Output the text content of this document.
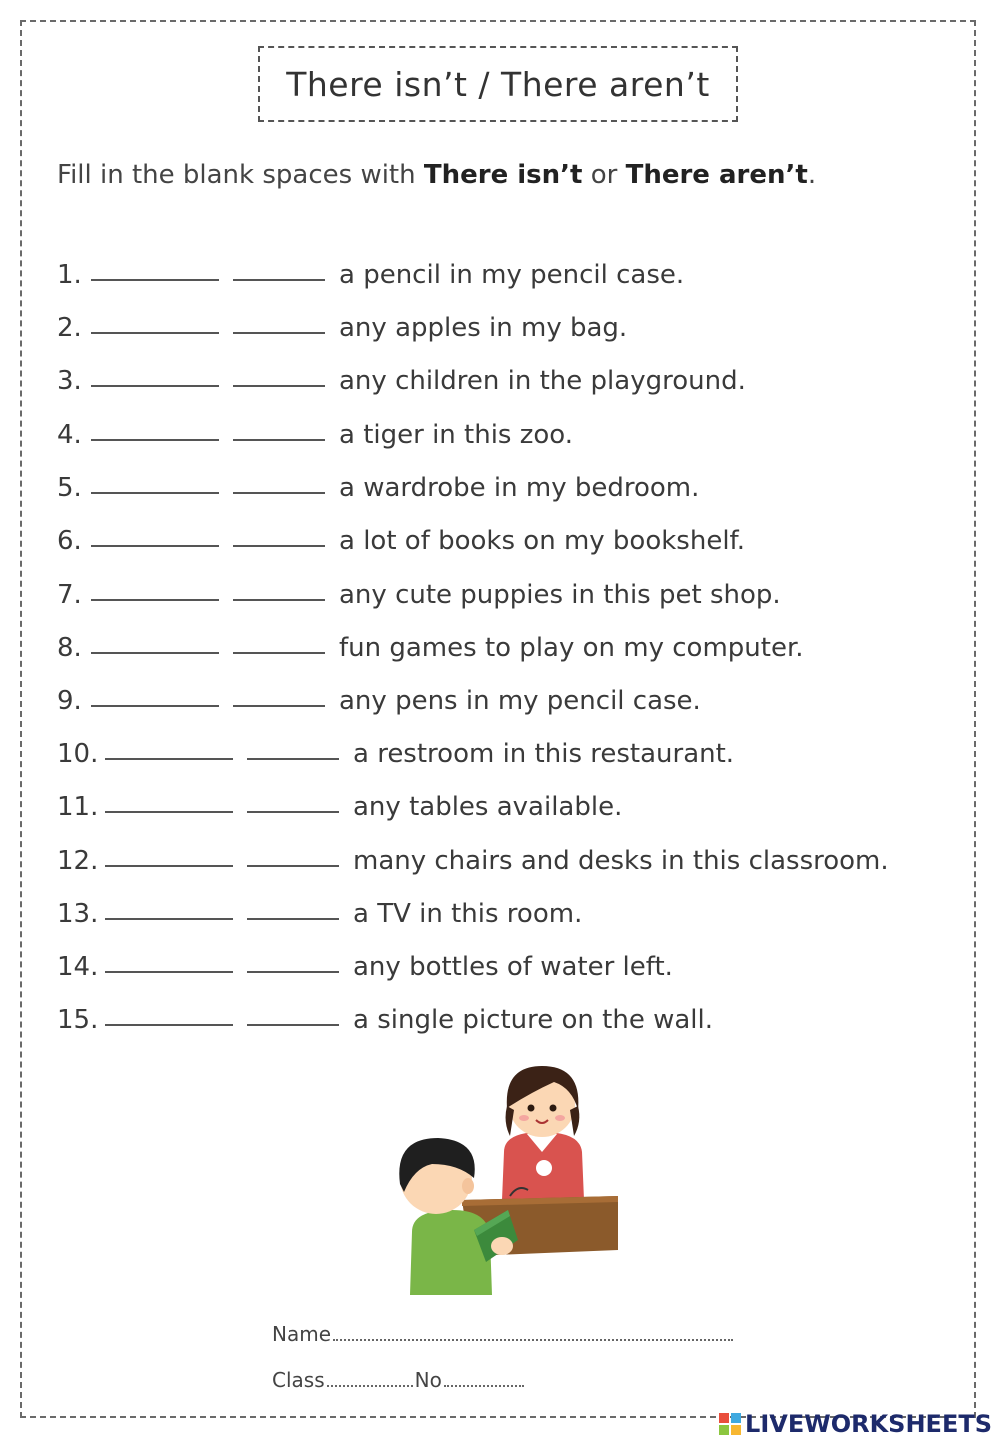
There isn’t / There aren’t
Fill in the blank spaces with There isn’t or There aren’t.
1.	a pencil in my pencil case.
2.	any apples in my bag.
3.	any children in the playground.
4.	a tiger in this zoo.
5.	a wardrobe in my bedroom.
6.	a lot of books on my bookshelf.
7.	any cute puppies in this pet shop.
8.	fun games to play on my computer.
9.	any pens in my pencil case.
10.	a restroom in this restaurant.
11.	any tables available.
12.	many chairs and desks in this classroom.
13.	a TV in this room.
14.	any bottles of water left.
15.	a single picture on the wall.
Name
Class	No
LIVEWORKSHEETS
